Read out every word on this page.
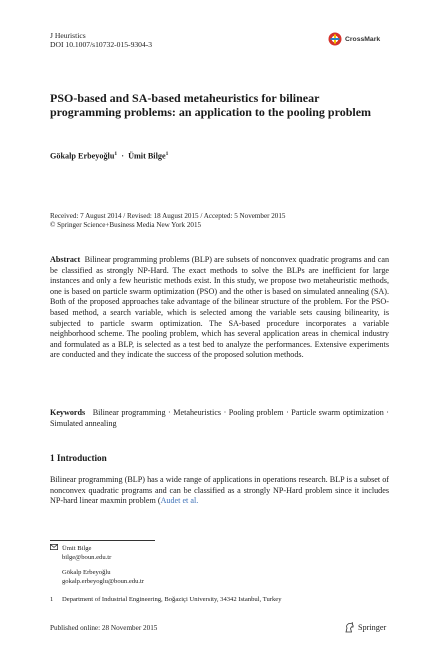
J Heuristics
DOI 10.1007/s10732-015-9304-3
CrossMark
PSO-based and SA-based metaheuristics for bilinear programming problems: an application to the pooling problem
Gökalp Erbeyoğlu$^1$ · Ümit Bilge$^1$
Received: 7 August 2014 / Revised: 18 August 2015 / Accepted: 5 November 2015
© Springer Science+Business Media New York 2015
Abstract Bilinear programming problems (BLP) are subsets of nonconvex quadratic programs and can be classified as strongly NP-Hard. The exact methods to solve the BLPs are inefficient for large instances and only a few heuristic methods exist. In this study, we propose two metaheuristic methods, one is based on particle swarm optimization (PSO) and the other is based on simulated annealing (SA). Both of the proposed approaches take advantage of the bilinear structure of the problem. For the PSO-based method, a search variable, which is selected among the variable sets causing bilinearity, is subjected to particle swarm optimization. The SA-based procedure incorporates a variable neighborhood scheme. The pooling problem, which has several application areas in chemical industry and formulated as a BLP, is selected as a test bed to analyze the performances. Extensive experiments are conducted and they indicate the success of the proposed solution methods.
Keywords Bilinear programming · Metaheuristics · Pooling problem · Particle swarm optimization · Simulated annealing
1 Introduction
Bilinear programming (BLP) has a wide range of applications in operations research. BLP is a subset of nonconvex quadratic programs and can be classified as a strongly NP-Hard problem since it includes NP-hard linear maxmin problem (Audet et al.
Ümit Bilge
bilge@boun.edu.tr
Gökalp Erbeyoğlu
gokalp.erbeyoglu@boun.edu.tr
1 Department of Industrial Engineering, Boğaziçi University, 34342 Istanbul, Turkey
Published online: 28 November 2015	Springer
